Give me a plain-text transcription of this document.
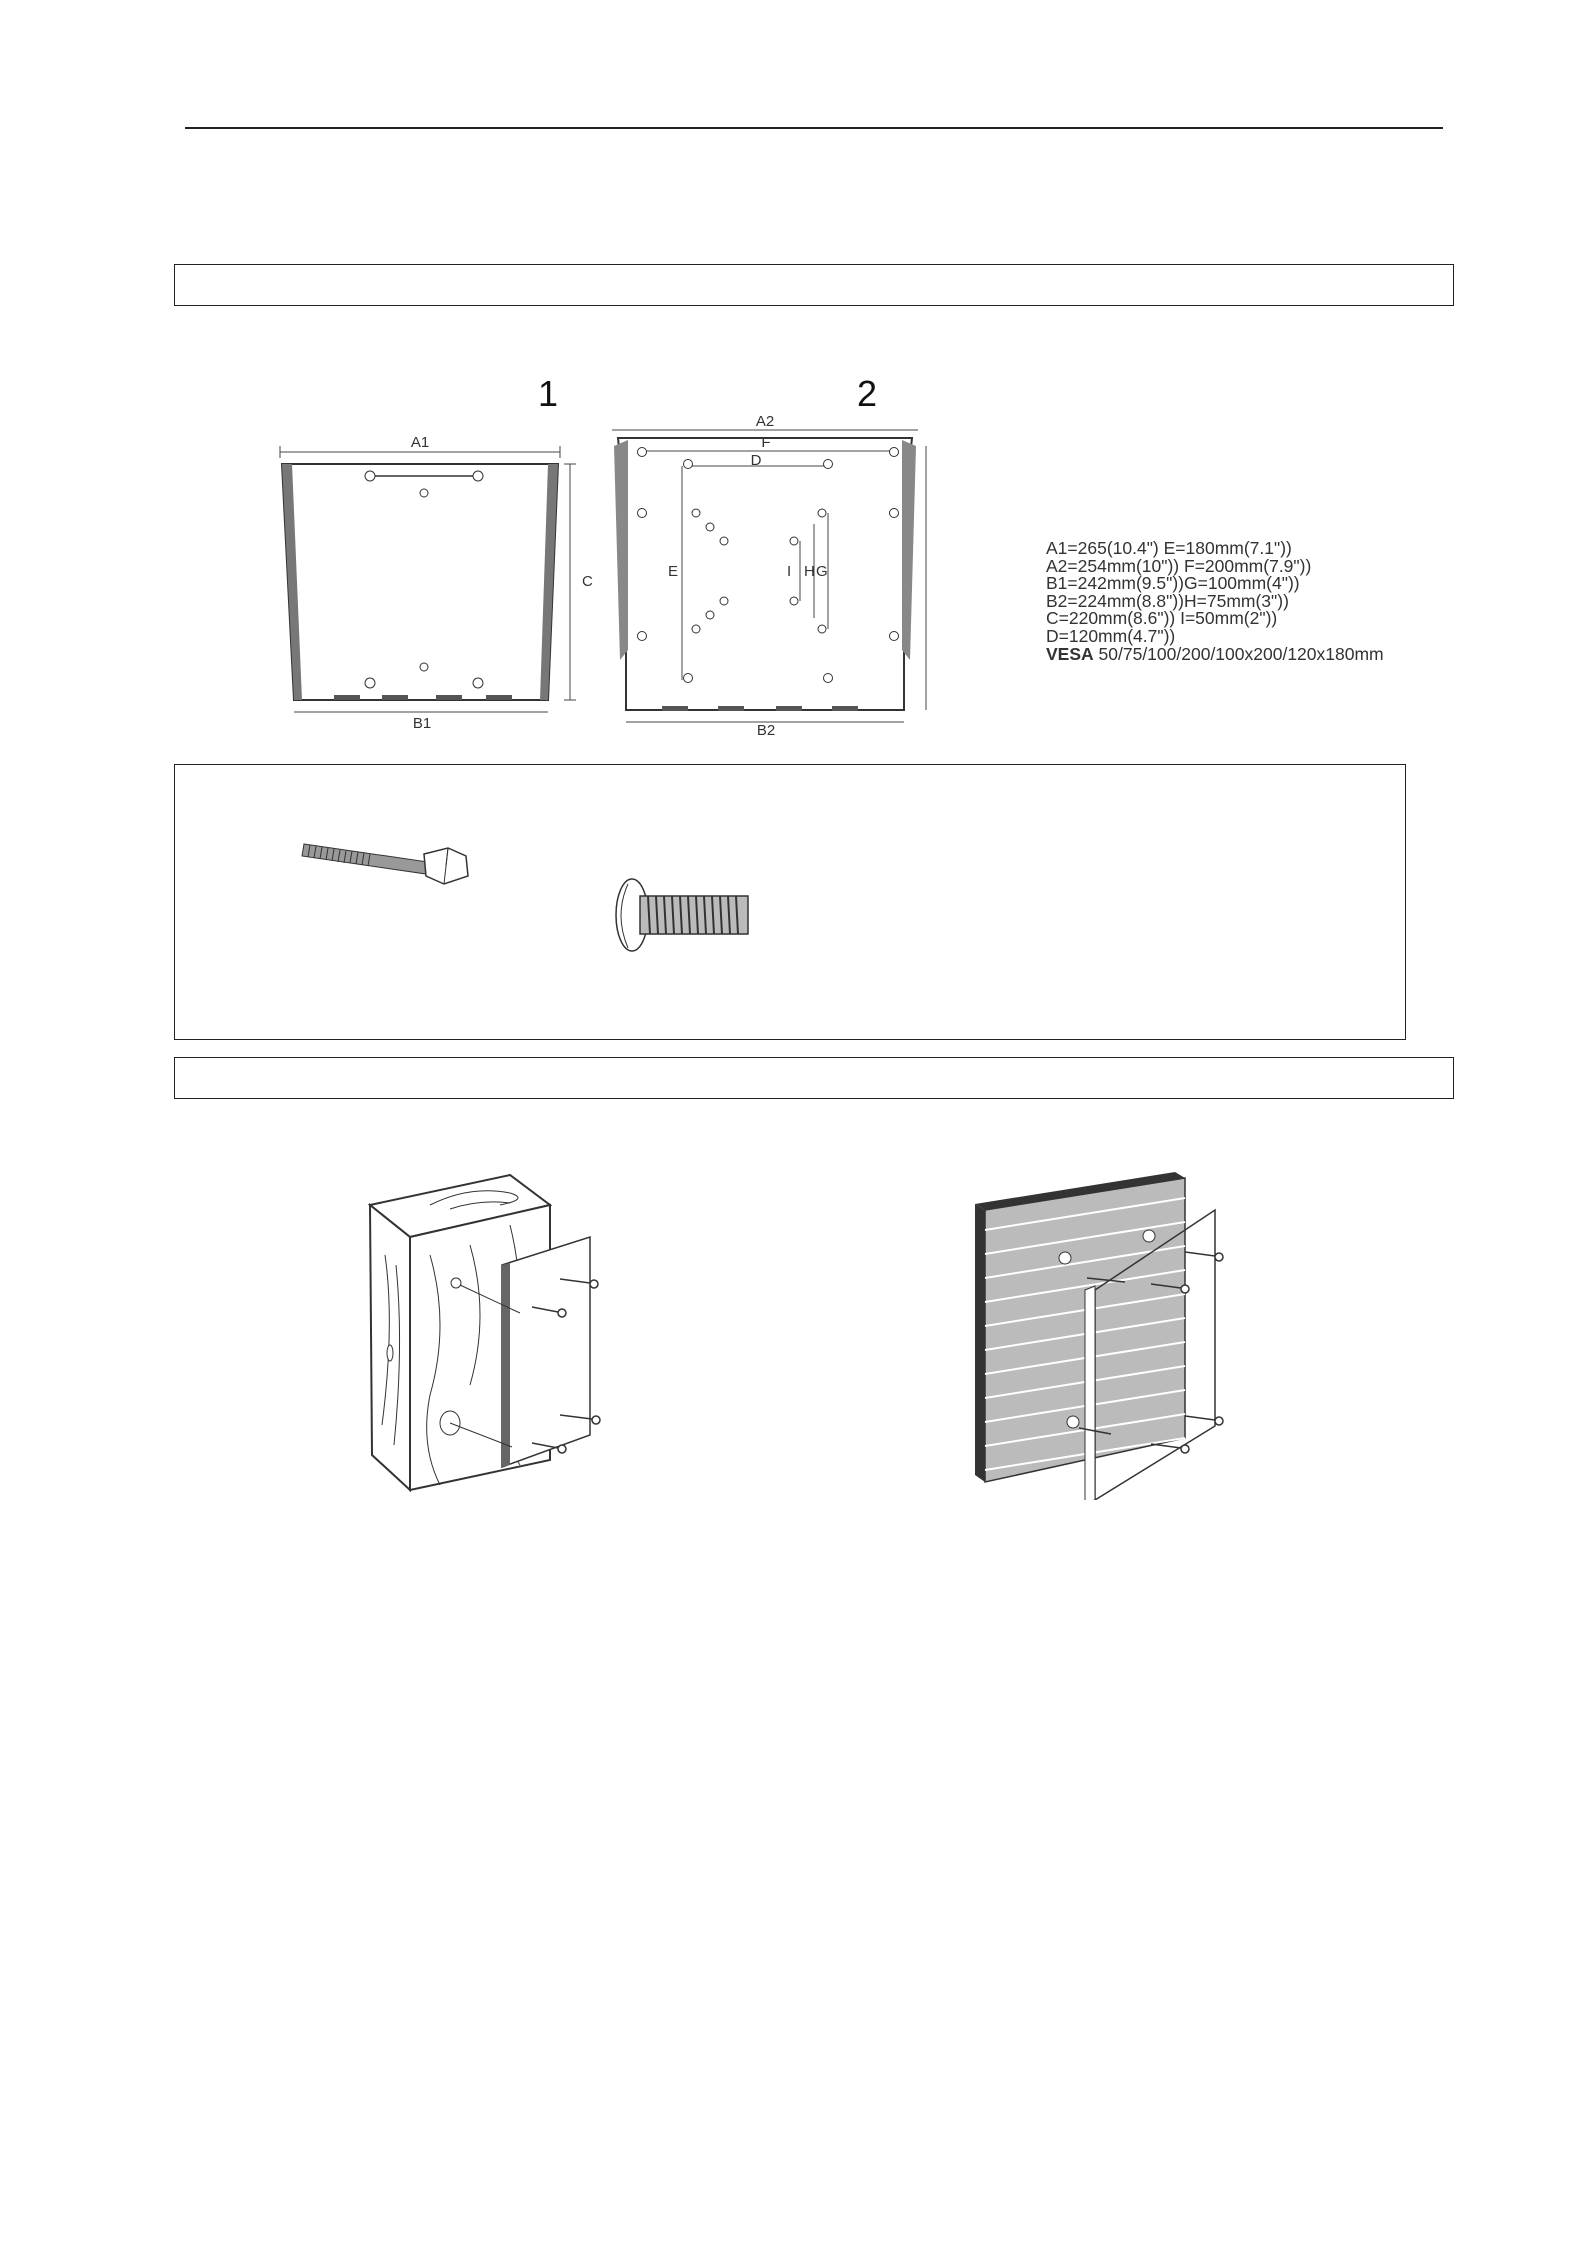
1	2
A1
C
B1
A2
F
D
E	I H G
B2
A1=265(10.4") E=180mm(7.1"))
A2=254mm(10")) F=200mm(7.9"))
B1=242mm(9.5"))G=100mm(4"))
B2=224mm(8.8"))H=75mm(3"))
C=220mm(8.6")) I=50mm(2"))
D=120mm(4.7"))
VESA 50/75/100/200/100x200/120x180mm
